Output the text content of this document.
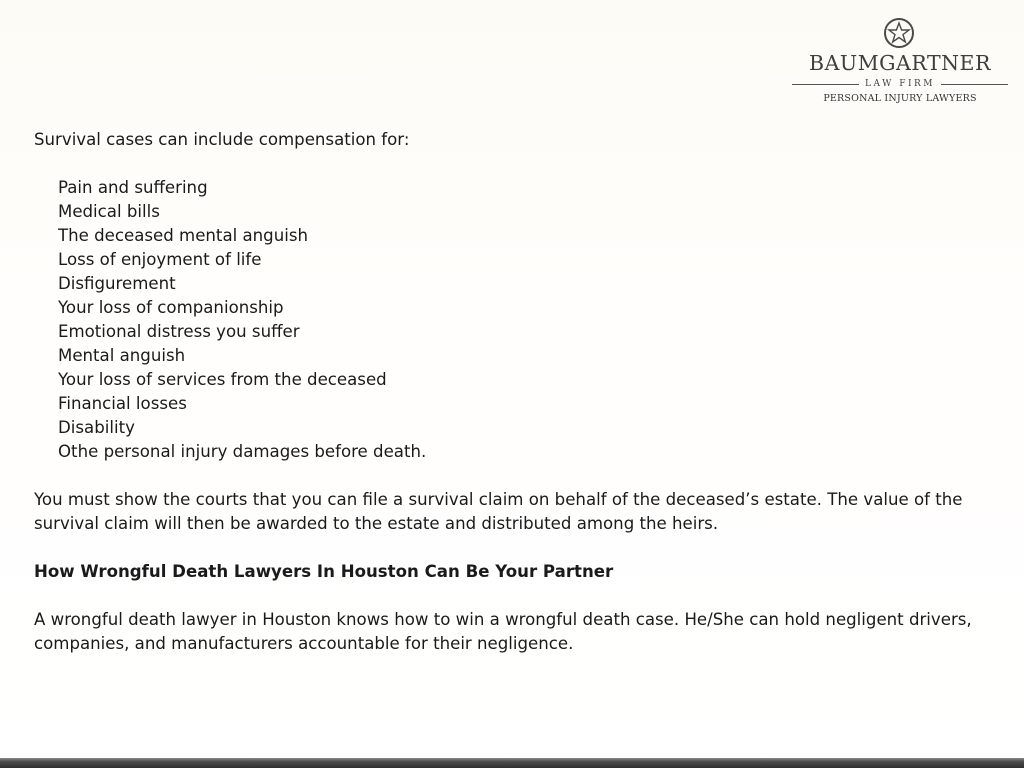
BAUMGARTNER
LAW FIRM
PERSONAL INJURY LAWYERS

Survival cases can include compensation for:

Pain and suffering
Medical bills
The deceased mental anguish
Loss of enjoyment of life
Disfigurement
Your loss of companionship
Emotional distress you suffer
Mental anguish
Your loss of services from the deceased
Financial losses
Disability
Othe personal injury damages before death.

You must show the courts that you can file a survival claim on behalf of the deceased’s estate. The value of the survival claim will then be awarded to the estate and distributed among the heirs.

How Wrongful Death Lawyers In Houston Can Be Your Partner

A wrongful death lawyer in Houston knows how to win a wrongful death case. He/She can hold negligent drivers, companies, and manufacturers accountable for their negligence.
